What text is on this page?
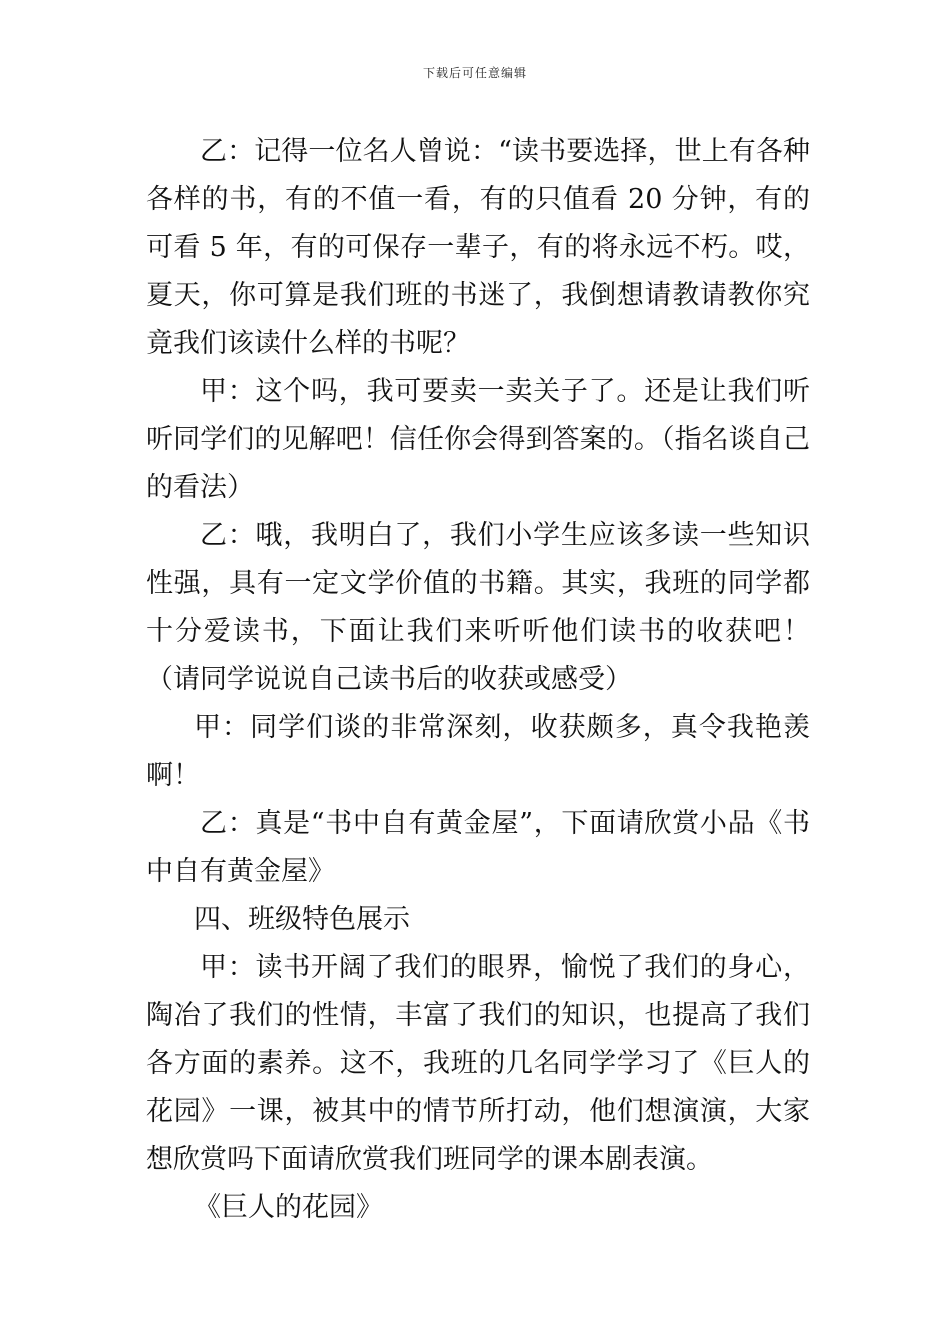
下载后可任意编辑

乙：记得一位名人曾说：“读书要选择，世上有各种各样的书，有的不值一看，有的只值看 20 分钟，有的可看 5 年，有的可保存一辈子，有的将永远不朽。哎，夏天，你可算是我们班的书迷了，我倒想请教请教你究竟我们该读什么样的书呢？

甲：这个吗，我可要卖一卖关子了。还是让我们听听同学们的见解吧！信任你会得到答案的。（指名谈自己的看法）

乙：哦，我明白了，我们小学生应该多读一些知识性强，具有一定文学价值的书籍。其实，我班的同学都十分爱读书，下面让我们来听听他们读书的收获吧！（请同学说说自己读书后的收获或感受）

甲：同学们谈的非常深刻，收获颇多，真令我艳羡啊！

乙：真是“书中自有黄金屋”，下面请欣赏小品《书中自有黄金屋》

四、班级特色展示

甲：读书开阔了我们的眼界，愉悦了我们的身心，陶冶了我们的性情，丰富了我们的知识，也提高了我们各方面的素养。这不，我班的几名同学学习了《巨人的花园》一课，被其中的情节所打动，他们想演演，大家想欣赏吗下面请欣赏我们班同学的课本剧表演。

《巨人的花园》
